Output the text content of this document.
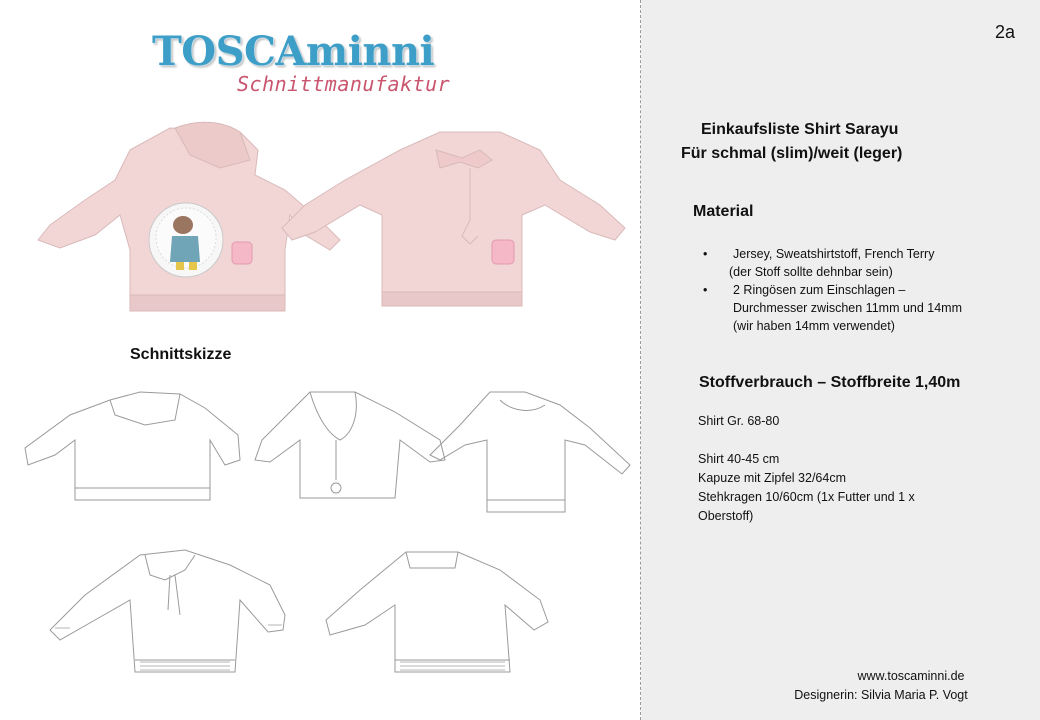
TOSCAminni
Schnittmanufaktur
Schnittskizze
2a
Einkaufsliste Shirt Sarayu
Für schmal (slim)/weit (leger)
Material
• Jersey, Sweatshirtstoff, French Terry
(der Stoff sollte dehnbar sein)
• 2 Ringösen zum Einschlagen –
Durchmesser zwischen 11mm und 14mm
(wir haben 14mm verwendet)
Stoffverbrauch – Stoffbreite 1,40m
Shirt Gr. 68-80
Shirt 40-45 cm
Kapuze mit Zipfel 32/64cm
Stehkragen 10/60cm (1x Futter und 1 x
Oberstoff)
www.toscaminni.de
Designerin: Silvia Maria P. Vogt
